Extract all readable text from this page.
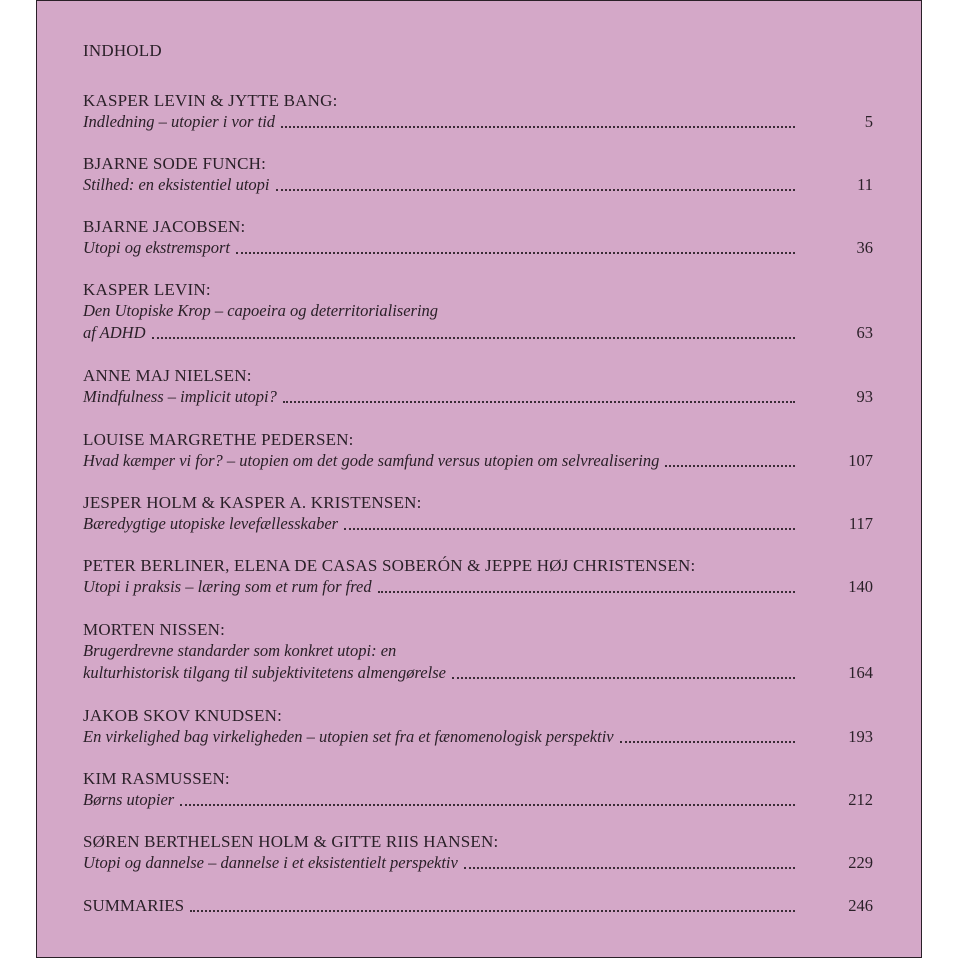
INDHOLD
KASPER LEVIN & JYTTE BANG:
Indledning – utopier i vor tid	5
BJARNE SODE FUNCH:
Stilhed: en eksistentiel utopi	11
BJARNE JACOBSEN:
Utopi og ekstremsport	36
KASPER LEVIN:
Den Utopiske Krop – capoeira og deterritorialisering
af ADHD	63
ANNE MAJ NIELSEN:
Mindfulness – implicit utopi?	93
LOUISE MARGRETHE PEDERSEN:
Hvad kæmper vi for? – utopien om det gode samfund versus utopien om selvrealisering	107
JESPER HOLM & KASPER A. KRISTENSEN:
Bæredygtige utopiske levefællesskaber	117
PETER BERLINER, ELENA DE CASAS SOBERÓN & JEPPE HØJ CHRISTENSEN:
Utopi i praksis – læring som et rum for fred	140
MORTEN NISSEN:
Brugerdrevne standarder som konkret utopi: en
kulturhistorisk tilgang til subjektivitetens almengørelse	164
JAKOB SKOV KNUDSEN:
En virkelighed bag virkeligheden – utopien set fra et fænomenologisk perspektiv	193
KIM RASMUSSEN:
Børns utopier	212
SØREN BERTHELSEN HOLM & GITTE RIIS HANSEN:
Utopi og dannelse – dannelse i et eksistentielt perspektiv	229
SUMMARIES	246
